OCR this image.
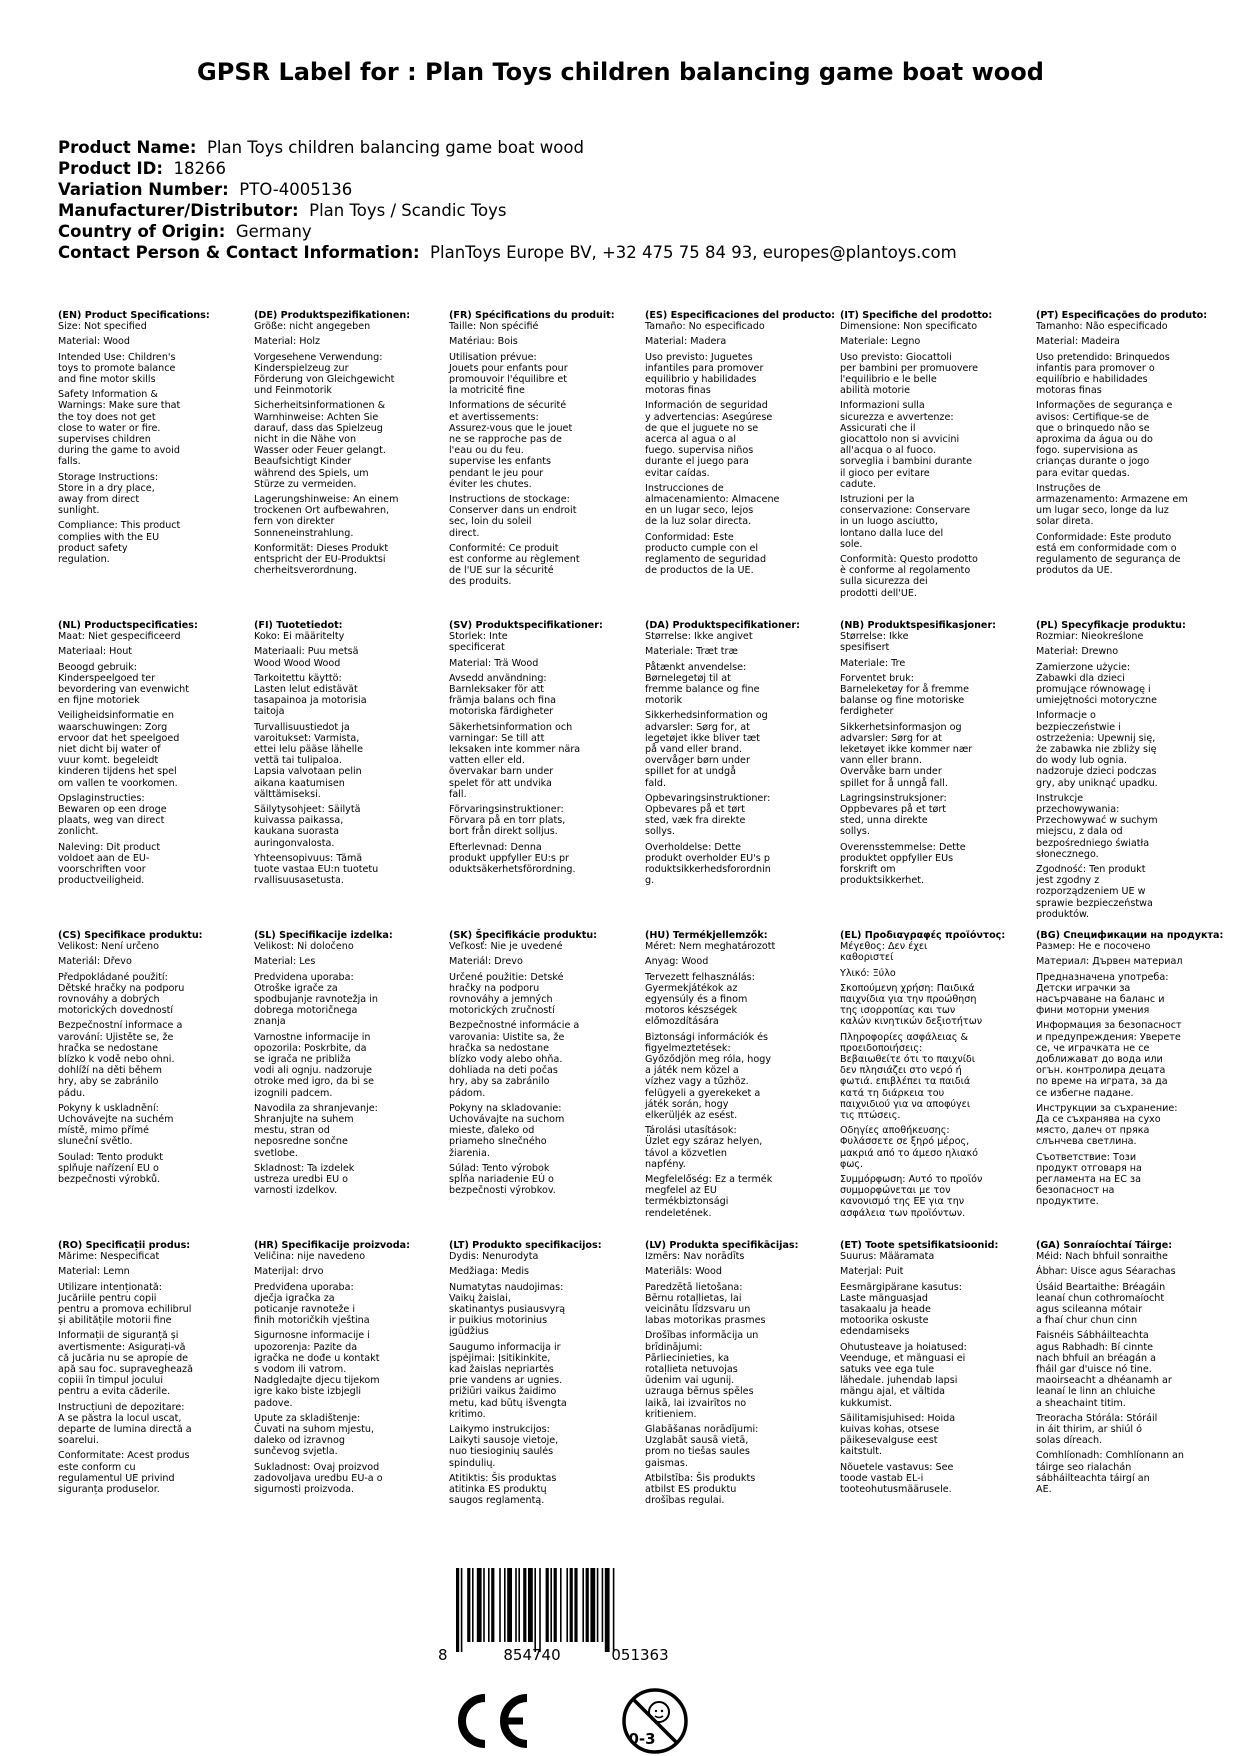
GPSR Label for : Plan Toys children balancing game boat wood
Product Name: Plan Toys children balancing game boat wood
Product ID: 18266
Variation Number: PTO-4005136
Manufacturer/Distributor: Plan Toys / Scandic Toys
Country of Origin: Germany
Contact Person & Contact Information: PlanToys Europe BV, +32 475 75 84 93, europes@plantoys.com
(EN) Product Specifications:
Size: Not specified
Material: Wood
Intended Use: Children's
toys to promote balance
and fine motor skills
Safety Information &
Warnings: Make sure that
the toy does not get
close to water or fire.
supervises children
during the game to avoid
falls.
Storage Instructions:
Store in a dry place,
away from direct
sunlight.
Compliance: This product
complies with the EU
product safety
regulation.
(DE) Produktspezifikationen:
Größe: nicht angegeben
Material: Holz
Vorgesehene Verwendung:
Kinderspielzeug zur
Förderung von Gleichgewicht
und Feinmotorik
Sicherheitsinformationen &
Warnhinweise: Achten Sie
darauf, dass das Spielzeug
nicht in die Nähe von
Wasser oder Feuer gelangt.
Beaufsichtigt Kinder
während des Spiels, um
Stürze zu vermeiden.
Lagerungshinweise: An einem
trockenen Ort aufbewahren,
fern von direkter
Sonneneinstrahlung.
Konformität: Dieses Produkt
entspricht der EU-Produktsi
cherheitsverordnung.
(FR) Spécifications du produit:
Taille: Non spécifié
Matériau: Bois
Utilisation prévue:
Jouets pour enfants pour
promouvoir l'équilibre et
la motricité fine
Informations de sécurité
et avertissements:
Assurez-vous que le jouet
ne se rapproche pas de
l'eau ou du feu.
supervise les enfants
pendant le jeu pour
éviter les chutes.
Instructions de stockage:
Conserver dans un endroit
sec, loin du soleil
direct.
Conformité: Ce produit
est conforme au règlement
de l'UE sur la sécurité
des produits.
(ES) Especificaciones del producto:
Tamaño: No especificado
Material: Madera
Uso previsto: Juguetes
infantiles para promover
equilibrio y habilidades
motoras finas
Información de seguridad
y advertencias: Asegúrese
de que el juguete no se
acerca al agua o al
fuego. supervisa niños
durante el juego para
evitar caídas.
Instrucciones de
almacenamiento: Almacene
en un lugar seco, lejos
de la luz solar directa.
Conformidad: Este
producto cumple con el
reglamento de seguridad
de productos de la UE.
(IT) Specifiche del prodotto:
Dimensione: Non specificato
Materiale: Legno
Uso previsto: Giocattoli
per bambini per promuovere
l'equilibrio e le belle
abilità motorie
Informazioni sulla
sicurezza e avvertenze:
Assicurati che il
giocattolo non si avvicini
all'acqua o al fuoco.
sorveglia i bambini durante
il gioco per evitare
cadute.
Istruzioni per la
conservazione: Conservare
in un luogo asciutto,
lontano dalla luce del
sole.
Conformità: Questo prodotto
è conforme al regolamento
sulla sicurezza dei
prodotti dell'UE.
(PT) Especificações do produto:
Tamanho: Não especificado
Material: Madeira
Uso pretendido: Brinquedos
infantis para promover o
equilíbrio e habilidades
motoras finas
Informações de segurança e
avisos: Certifique-se de
que o brinquedo não se
aproxima da água ou do
fogo. supervisiona as
crianças durante o jogo
para evitar quedas.
Instruções de
armazenamento: Armazene em
um lugar seco, longe da luz
solar direta.
Conformidade: Este produto
está em conformidade com o
regulamento de segurança de
produtos da UE.
(NL) Productspecificaties:
Maat: Niet gespecificeerd
Materiaal: Hout
Beoogd gebruik:
Kinderspeelgoed ter
bevordering van evenwicht
en fijne motoriek
Veiligheidsinformatie en
waarschuwingen: Zorg
ervoor dat het speelgoed
niet dicht bij water of
vuur komt. begeleidt
kinderen tijdens het spel
om vallen te voorkomen.
Opslaginstructies:
Bewaren op een droge
plaats, weg van direct
zonlicht.
Naleving: Dit product
voldoet aan de EU-
voorschriften voor
productveiligheid.
(FI) Tuotetiedot:
Koko: Ei määritelty
Materiaali: Puu metsä
Wood Wood Wood
Tarkoitettu käyttö:
Lasten lelut edistävät
tasapainoa ja motorisia
taitoja
Turvallisuustiedot ja
varoitukset: Varmista,
ettei lelu pääse lähelle
vettä tai tulipaloa.
Lapsia valvotaan pelin
aikana kaatumisen
välttämiseksi.
Säilytysohjeet: Säilytä
kuivassa paikassa,
kaukana suorasta
auringonvalosta.
Yhteensopivuus: Tämä
tuote vastaa EU:n tuotetu
rvallisuusasetusta.
(SV) Produktspecifikationer:
Storlek: Inte
specificerat
Material: Trä Wood
Avsedd användning:
Barnleksaker för att
främja balans och fina
motoriska färdigheter
Säkerhetsinformation och
varningar: Se till att
leksaken inte kommer nära
vatten eller eld.
övervakar barn under
spelet för att undvika
fall.
Förvaringsinstruktioner:
Förvara på en torr plats,
bort från direkt solljus.
Efterlevnad: Denna
produkt uppfyller EU:s pr
oduktsäkerhetsförordning.
(DA) Produktspecifikationer:
Størrelse: Ikke angivet
Materiale: Træt træ
Påtænkt anvendelse:
Børnelegetøj til at
fremme balance og fine
motorik
Sikkerhedsinformation og
advarsler: Sørg for, at
legetøjet ikke bliver tæt
på vand eller brand.
overvåger børn under
spillet for at undgå
fald.
Opbevaringsinstruktioner:
Opbevares på et tørt
sted, væk fra direkte
sollys.
Overholdelse: Dette
produkt overholder EU's p
roduktsikkerhedsforordnin
g.
(NB) Produktspesifikasjoner:
Størrelse: Ikke
spesifisert
Materiale: Tre
Forventet bruk:
Barneleketøy for å fremme
balanse og fine motoriske
ferdigheter
Sikkerhetsinformasjon og
advarsler: Sørg for at
leketøyet ikke kommer nær
vann eller brann.
Overvåke barn under
spillet for å unngå fall.
Lagringsinstruksjoner:
Oppbevares på et tørt
sted, unna direkte
sollys.
Overensstemmelse: Dette
produktet oppfyller EUs
forskrift om
produktsikkerhet.
(PL) Specyfikacje produktu:
Rozmiar: Nieokreślone
Materiał: Drewno
Zamierzone użycie:
Zabawki dla dzieci
promujące równowagę i
umiejętności motoryczne
Informacje o
bezpieczeństwie i
ostrzeżenia: Upewnij się,
że zabawka nie zbliży się
do wody lub ognia.
nadzoruje dzieci podczas
gry, aby uniknąć upadku.
Instrukcje
przechowywania:
Przechowywać w suchym
miejscu, z dala od
bezpośredniego światła
słonecznego.
Zgodność: Ten produkt
jest zgodny z
rozporządzeniem UE w
sprawie bezpieczeństwa
produktów.
(CS) Specifikace produktu:
Velikost: Není určeno
Materiál: Dřevo
Předpokládané použití:
Dětské hračky na podporu
rovnováhy a dobrých
motorických dovedností
Bezpečnostní informace a
varování: Ujistěte se, že
hračka se nedostane
blízko k vodě nebo ohni.
dohlíží na děti během
hry, aby se zabránilo
pádu.
Pokyny k uskladnění:
Uchovávejte na suchém
místě, mimo přímé
sluneční světlo.
Soulad: Tento produkt
splňuje nařízení EU o
bezpečnosti výrobků.
(SL) Specifikacije izdelka:
Velikost: Ni določeno
Material: Les
Predvidena uporaba:
Otroške igrače za
spodbujanje ravnotežja in
dobrega motoričnega
znanja
Varnostne informacije in
opozorila: Poskrbite, da
se igrača ne približa
vodi ali ognju. nadzoruje
otroke med igro, da bi se
izognili padcem.
Navodila za shranjevanje:
Shranjujte na suhem
mestu, stran od
neposredne sončne
svetlobe.
Skladnost: Ta izdelek
ustreza uredbi EU o
varnosti izdelkov.
(SK) Špecifikácie produktu:
Veľkosť: Nie je uvedené
Materiál: Drevo
Určené použitie: Detské
hračky na podporu
rovnováhy a jemných
motorických zručností
Bezpečnostné informácie a
varovania: Uistite sa, že
hračka sa nedostane
blízko vody alebo ohňa.
dohliada na deti počas
hry, aby sa zabránilo
pádom.
Pokyny na skladovanie:
Uchovávajte na suchom
mieste, ďaleko od
priameho slnečného
žiarenia.
Súlad: Tento výrobok
spĺňa nariadenie EÚ o
bezpečnosti výrobkov.
(HU) Termékjellemzők:
Méret: Nem meghatározott
Anyag: Wood
Tervezett felhasználás:
Gyermekjátékok az
egyensúly és a finom
motoros készségek
előmozdítására
Biztonsági információk és
figyelmeztetések:
Győződjön meg róla, hogy
a játék nem közel a
vízhez vagy a tűzhöz.
felügyeli a gyerekeket a
játék során, hogy
elkerüljék az esést.
Tárolási utasítások:
Üzlet egy száraz helyen,
távol a közvetlen
napfény.
Megfelelőség: Ez a termék
megfelel az EU
termékbiztonsági
rendeletének.
(EL) Προδιαγραφές προϊόντος:
Μέγεθος: Δεν έχει
καθοριστεί
Υλικό: Ξύλο
Σκοπούμενη χρήση: Παιδικά
παιχνίδια για την προώθηση
της ισορροπίας και των
καλών κινητικών δεξιοτήτων
Πληροφορίες ασφάλειας &
προειδοποιήσεις:
Βεβαιωθείτε ότι το παιχνίδι
δεν πλησιάζει στο νερό ή
φωτιά. επιβλέπει τα παιδιά
κατά τη διάρκεια του
παιχνιδιού για να αποφύγει
τις πτώσεις.
Οδηγίες αποθήκευσης:
Φυλάσσετε σε ξηρό μέρος,
μακριά από το άμεσο ηλιακό
φως.
Συμμόρφωση: Αυτό το προϊόν
συμμορφώνεται με τον
κανονισμό της ΕΕ για την
ασφάλεια των προϊόντων.
(BG) Спецификации на продукта:
Размер: Не е посочено
Материал: Дървен материал
Предназначена употреба:
Детски играчки за
насърчаване на баланс и
фини моторни умения
Информация за безопасност
и предупреждения: Уверете
се, че играчката не се
доближават до вода или
огън. контролира децата
по време на играта, за да
се избегне падане.
Инструкции за съхранение:
Да се съхранява на сухо
място, далеч от пряка
слънчева светлина.
Съответствие: Този
продукт отговаря на
регламента на ЕС за
безопасност на
продуктите.
(RO) Specificații produs:
Mărime: Nespecificat
Material: Lemn
Utilizare intenționată:
Jucăriile pentru copii
pentru a promova echilibrul
și abilitățile motorii fine
Informații de siguranță și
avertismente: Asigurați-vă
că jucăria nu se apropie de
apă sau foc. supraveghează
copiii în timpul jocului
pentru a evita căderile.
Instrucțiuni de depozitare:
A se păstra la locul uscat,
departe de lumina directă a
soarelui.
Conformitate: Acest produs
este conform cu
regulamentul UE privind
siguranța produselor.
(HR) Specifikacije proizvoda:
Veličina: nije navedeno
Materijal: drvo
Predviđena uporaba:
dječja igračka za
poticanje ravnoteže i
finih motoričkih vještina
Sigurnosne informacije i
upozorenja: Pazite da
igračka ne dođe u kontakt
s vodom ili vatrom.
Nadgledajte djecu tijekom
igre kako biste izbjegli
padove.
Upute za skladištenje:
Čuvati na suhom mjestu,
daleko od izravnog
sunčevog svjetla.
Sukladnost: Ovaj proizvod
zadovoljava uredbu EU-a o
sigurnosti proizvoda.
(LT) Produkto specifikacijos:
Dydis: Nenurodyta
Medžiaga: Medis
Numatytas naudojimas:
Vaikų žaislai,
skatinantys pusiausvyrą
ir puikius motorinius
įgūdžius
Saugumo informacija ir
įspėjimai: Įsitikinkite,
kad žaislas nepriartės
prie vandens ar ugnies.
prižiūri vaikus žaidimo
metu, kad būtų išvengta
kritimo.
Laikymo instrukcijos:
Laikyti sausoje vietoje,
nuo tiesioginių saulės
spindulių.
Atitiktis: Šis produktas
atitinka ES produktų
saugos reglamentą.
(LV) Produkta specifikācijas:
Izmērs: Nav norādīts
Materiāls: Wood
Paredzētā lietošana:
Bērnu rotaļlietas, lai
veicinātu līdzsvaru un
labas motorikas prasmes
Drošības informācija un
brīdinājumi:
Pārliecinieties, ka
rotaļlieta netuvojas
ūdenim vai ugunij.
uzrauga bērnus spēles
laikā, lai izvairītos no
kritieniem.
Glabāšanas norādījumi:
Uzglabāt sausā vietā,
prom no tiešas saules
gaismas.
Atbilstība: Šis produkts
atbilst ES produktu
drošības regulai.
(ET) Toote spetsifikatsioonid:
Suurus: Määramata
Materjal: Puit
Eesmärgipärane kasutus:
Laste mänguasjad
tasakaalu ja heade
motoorika oskuste
edendamiseks
Ohutusteave ja hoiatused:
Veenduge, et mänguasi ei
satuks vee ega tule
lähedale. juhendab lapsi
mängu ajal, et vältida
kukkumist.
Säilitamisjuhised: Hoida
kuivas kohas, otsese
päikesevalguse eest
kaitstult.
Nõuetele vastavus: See
toode vastab EL-i
tooteohutusmäärusele.
(GA) Sonraíochtaí Táirge:
Méid: Nach bhfuil sonraithe
Ábhar: Uisce agus Séarachas
Úsáid Beartaithe: Bréagáin
leanaí chun cothromaíocht
agus scileanna mótair
a fhaí chur chun cinn
Faisnéis Sábháilteachta
agus Rabhadh: Bí cinnte
nach bhfuil an bréagán a
fháil gar d'uisce nó tine.
maoirseacht a dhéanamh ar
leanaí le linn an chluiche
a sheachaint titim.
Treoracha Stórála: Stóráil
in áit thirim, ar shiúl ó
solas díreach.
Comhlíonadh: Comhlíonann an
táirge seo rialachán
sábháilteachta táirgí an
AE.
8	854740	051363
0-3
